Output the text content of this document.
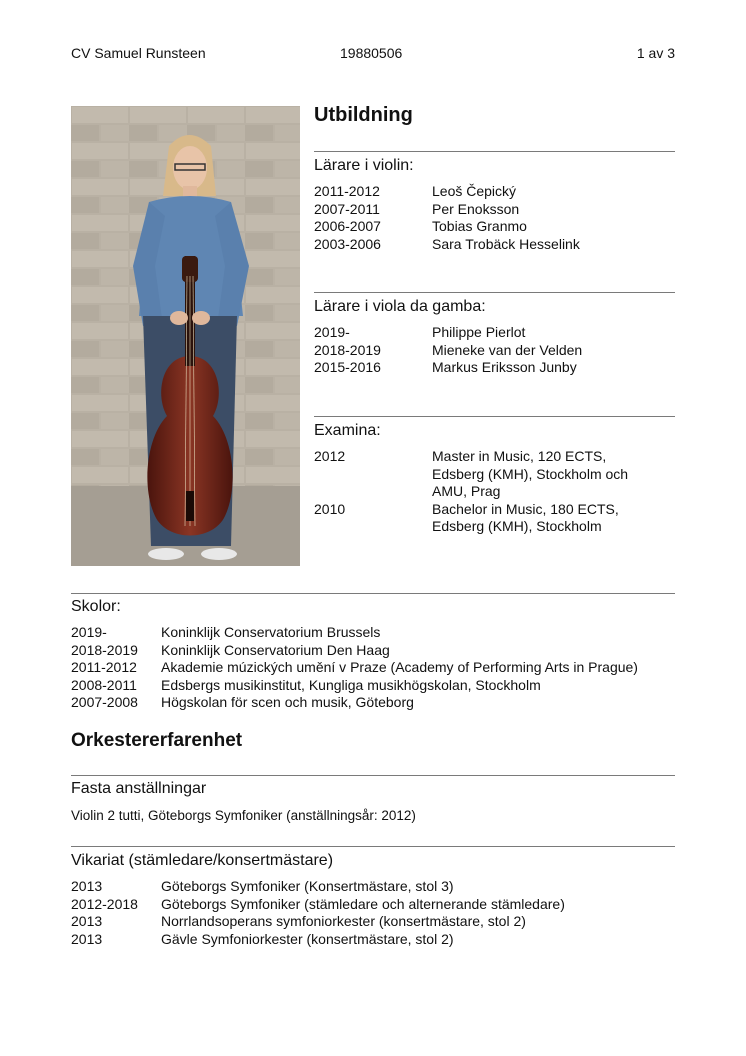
CV Samuel Runsteen	19880506	1 av 3
Utbildning
Lärare i violin:
2011-2012	Leoš Čepický
2007-2011	Per Enoksson
2006-2007	Tobias Granmo
2003-2006	Sara Trobäck Hesselink
Lärare i viola da gamba:
2019-	Philippe Pierlot
2018-2019	Mieneke van der Velden
2015-2016	Markus Eriksson Junby
Examina:
2012	Master in Music, 120 ECTS,
Edsberg (KMH), Stockholm och
AMU, Prag
2010	Bachelor in Music, 180 ECTS,
Edsberg (KMH), Stockholm
Skolor:
2019-	Koninklijk Conservatorium Brussels
2018-2019 Koninklijk Conservatorium Den Haag
2011-2012 Akademie múzických umění v Praze (Academy of Performing Arts in Prague)
2008-2011 Edsbergs musikinstitut, Kungliga musikhögskolan, Stockholm
2007-2008 Högskolan för scen och musik, Göteborg
Orkestererfarenhet
Fasta anställningar
Violin 2 tutti, Göteborgs Symfoniker (anställningsår: 2012)
Vikariat (stämledare/konsertmästare)
2013	Göteborgs Symfoniker (Konsertmästare, stol 3)
2012-2018 Göteborgs Symfoniker (stämledare och alternerande stämledare)
2013	Norrlandsoperans symfoniorkester (konsertmästare, stol 2)
2013	Gävle Symfoniorkester (konsertmästare, stol 2)
